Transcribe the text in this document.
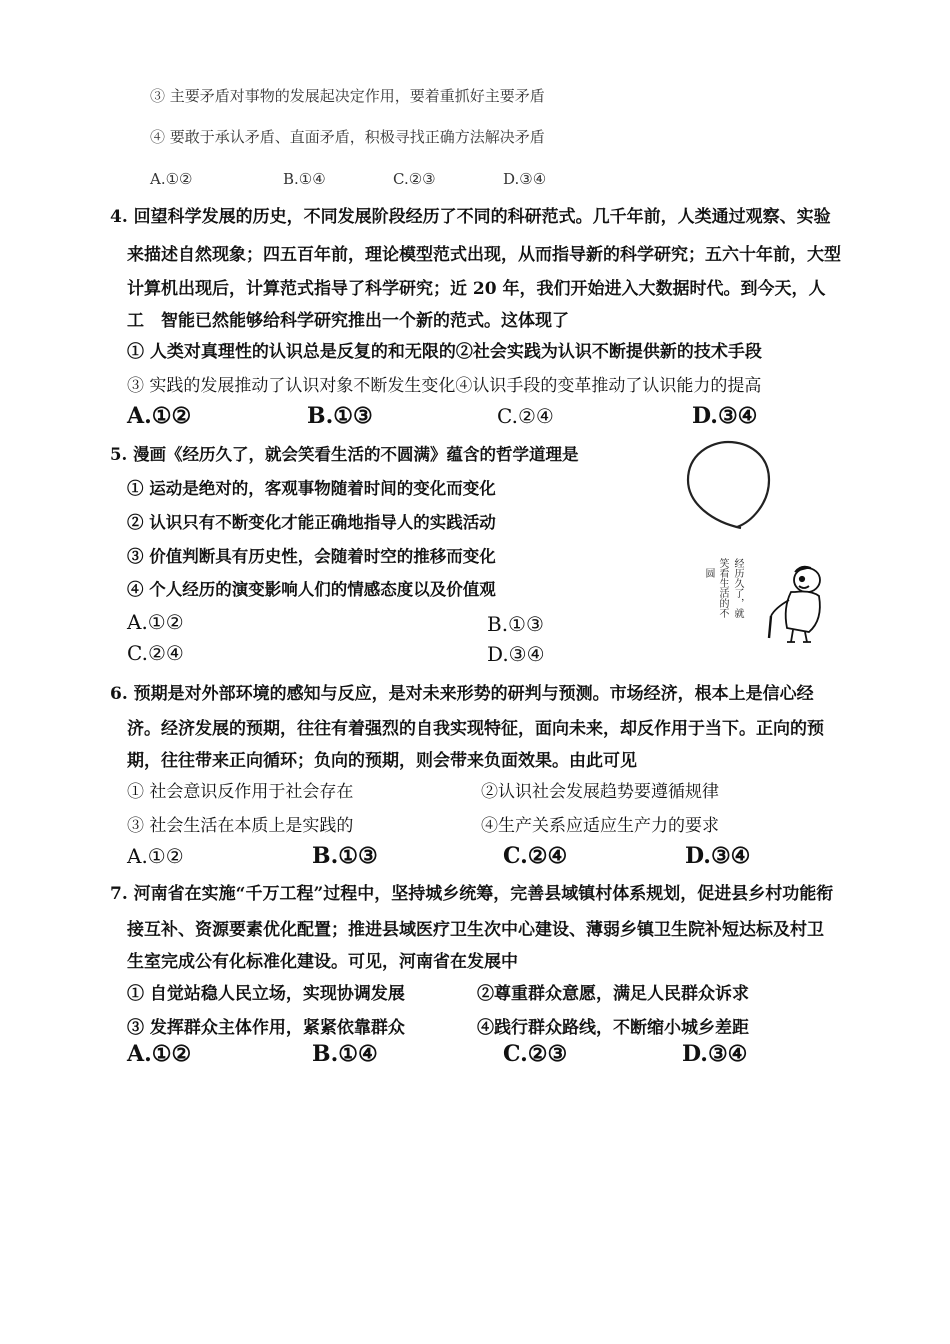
③ 主要矛盾对事物的发展起决定作用，要着重抓好主要矛盾
④ 要敢于承认矛盾、直面矛盾，积极寻找正确方法解决矛盾
A.①②	B.①④	C.②③	D.③④
4. 回望科学发展的历史，不同发展阶段经历了不同的科研范式。几千年前，人类通过观察、实验
来描述自然现象；四五百年前，理论模型范式出现，从而指导新的科学研究；五六十年前，大型
计算机出现后，计算范式指导了科学研究；近 20 年，我们开始进入大数据时代。到今天，人
工　智能已然能够给科学研究推出一个新的范式。这体现了
① 人类对真理性的认识总是反复的和无限的②社会实践为认识不断提供新的技术手段
③ 实践的发展推动了认识对象不断发生变化④认识手段的变革推动了认识能力的提高
A.①②	B.①③	C.②④	D.③④
5. 漫画《经历久了，就会笑看生活的不圆满》蕴含的哲学道理是
① 运动是绝对的，客观事物随着时间的变化而变化
② 认识只有不断变化才能正确地指导人的实践活动
③ 价值判断具有历史性，会随着时空的推移而变化
④ 个人经历的演变影响人们的情感态度以及价值观
A.①②	B.①③
C.②④	D.③④
经历久了，就
笑看生活的不
圆
6. 预期是对外部环境的感知与反应，是对未来形势的研判与预测。市场经济，根本上是信心经
济。经济发展的预期，往往有着强烈的自我实现特征，面向未来，却反作用于当下。正向的预
期，往往带来正向循环；负向的预期，则会带来负面效果。由此可见
① 社会意识反作用于社会存在	②认识社会发展趋势要遵循规律
③ 社会生活在本质上是实践的	④生产关系应适应生产力的要求
A.①②	B.①③	C.②④	D.③④
7. 河南省在实施“千万工程”过程中，坚持城乡统筹，完善县域镇村体系规划，促进县乡村功能衔
接互补、资源要素优化配置；推进县域医疗卫生次中心建设、薄弱乡镇卫生院补短达标及村卫
生室完成公有化标准化建设。可见，河南省在发展中
① 自觉站稳人民立场，实现协调发展	②尊重群众意愿，满足人民群众诉求
③ 发挥群众主体作用，紧紧依靠群众	④践行群众路线，不断缩小城乡差距
A.①②	B.①④	C.②③	D.③④
